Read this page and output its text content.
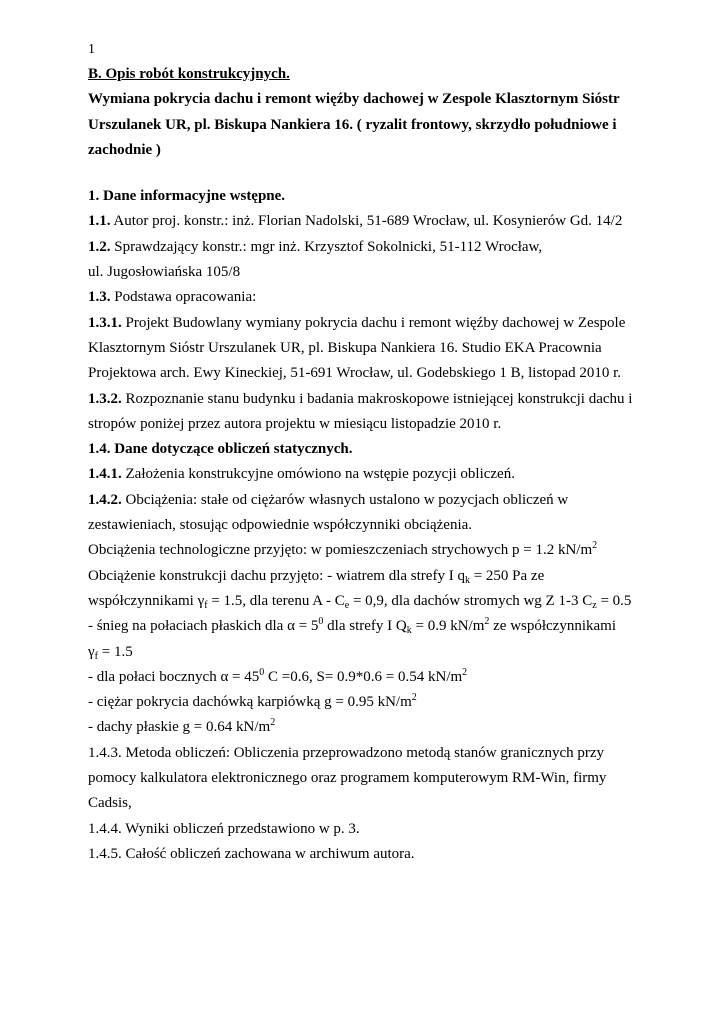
1
B. Opis robót konstrukcyjnych.
Wymiana pokrycia dachu i remont więźby dachowej w Zespole Klasztornym Sióstr
Urszulanek UR, pl. Biskupa Nankiera 16. ( ryzalit frontowy, skrzydło południowe i
zachodnie )
1. Dane informacyjne wstępne.
1.1. Autor proj. konstr.: inż. Florian Nadolski, 51-689 Wrocław, ul. Kosynierów Gd. 14/2
1.2. Sprawdzający konstr.: mgr inż. Krzysztof Sokolnicki, 51-112 Wrocław,
ul. Jugosłowiańska 105/8
1.3. Podstawa opracowania:
1.3.1. Projekt Budowlany wymiany pokrycia dachu i remont więźby dachowej w Zespole
Klasztornym Sióstr Urszulanek UR, pl. Biskupa Nankiera 16. Studio EKA Pracownia
Projektowa arch. Ewy Kineckiej, 51-691 Wrocław, ul. Godebskiego 1 B, listopad 2010 r.
1.3.2. Rozpoznanie stanu budynku i badania makroskopowe istniejącej konstrukcji dachu i
stropów poniżej przez autora projektu w miesiącu listopadzie 2010 r.
1.4. Dane dotyczące obliczeń statycznych.
1.4.1. Założenia konstrukcyjne omówiono na wstępie pozycji obliczeń.
1.4.2. Obciążenia: stałe od ciężarów własnych ustalono w pozycjach obliczeń w
zestawieniach, stosując odpowiednie współczynniki obciążenia.
Obciążenia technologiczne przyjęto: w pomieszczeniach strychowych p = 1.2 $kN/m^2$
Obciążenie konstrukcji dachu przyjęto: - wiatrem dla strefy I $q_k = 250$ Pa ze
współczynnikami $\gamma_f = 1.5$, dla terenu $A - C_e = 0,9$, dla dachów stromych wg Z 1-3 $C_z = 0.5$
- śnieg na połaciach płaskich dla $\alpha = 5^0$ dla strefy I $Q_k = 0.9$ $kN/m^2$ ze współczynnikami
$\gamma_f = 1.5$
- dla połaci bocznych $\alpha = 45^0$ C =0.6, S= 0.9*0.6 = 0.54 $kN/m^2$
- ciężar pokrycia dachówką karpiówką g = 0.95 $kN/m^2$
- dachy płaskie g = 0.64 $kN/m^2$
1.4.3. Metoda obliczeń: Obliczenia przeprowadzono metodą stanów granicznych przy
pomocy kalkulatora elektronicznego oraz programem komputerowym RM-Win, firmy
Cadsis,
1.4.4. Wyniki obliczeń przedstawiono w p. 3.
1.4.5. Całość obliczeń zachowana w archiwum autora.
